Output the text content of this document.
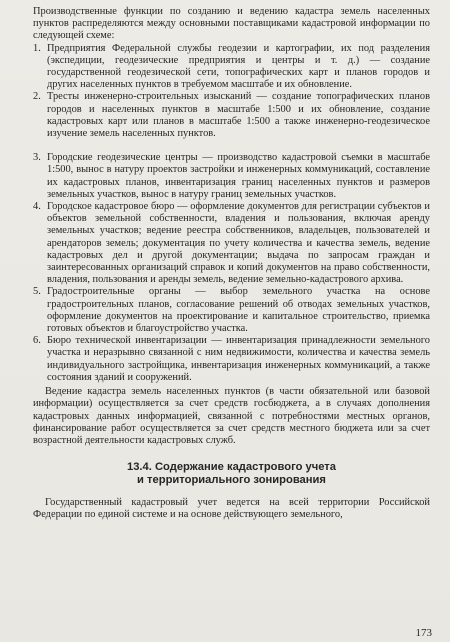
Производственные функции по созданию и ведению кадастра земель населенных пунктов распределяются между основными поставщиками кадастровой информации по следующей схеме:

1. Предприятия Федеральной службы геодезии и картографии, их под разделения (экспедиции, геодезические предприятия и центры и т. д.) — создание государственной геодезической сети, топографических карт и планов городов и других населенных пунктов в требуемом масштабе и их обновление.
2. Тресты инженерно-строительных изысканий — создание топографических планов городов и населенных пунктов в масштабе 1:500 и их обновление, создание кадастровых карт или планов в масштабе 1:500 а также инженерно-геодезическое изучение земель населенных пунктов.
3. Городские геодезические центры — производство кадастровой съемки в масштабе 1:500, вынос в натуру проектов застройки и инженерных коммуникаций, составление их кадастровых планов, инвентаризация границ населенных пунктов и размеров земельных участков, вынос в натуру границ земельных участков.
4. Городское кадастровое бюро — оформление документов для регистрации субъектов и объектов земельной собственности, владения и пользования, включая аренду земельных участков; ведение реестра собственников, владельцев, пользователей и арендаторов земель; документация по учету количества и качества земель, ведение кадастровых дел и другой документации; выдача по запросам граждан и заинтересованных организаций справок и копий документов на право собственности, владения, пользования и аренды земель, ведение земельно-кадастрового архива.
5. Градостроительные органы — выбор земельного участка на основе градостроительных планов, согласование решений об отводах земельных участков, оформление документов на проектирование и капитальное строительство, приемка готовых объектов и благоустройство участка.
6. Бюро технической инвентаризации — инвентаризация принадлежности земельного участка и неразрывно связанной с ним недвижимости, количества и качества земель индивидуального застройщика, инвентаризация инженерных коммуникаций, а также состояния зданий и сооружений.

Ведение кадастра земель населенных пунктов (в части обязательной или базовой информации) осуществляется за счет средств госбюджета, а в случаях дополнения кадастровых данных информацией, связанной с потребностями местных органов, финансирование работ осуществляется за счет средств местного бюджета или за счет возрастной деятельности кадастровых служб.

13.4. Содержание кадастрового учета
и территориального зонирования

Государственный кадастровый учет ведется на всей территории Российской Федерации по единой системе и на основе действующего земельного,

173
